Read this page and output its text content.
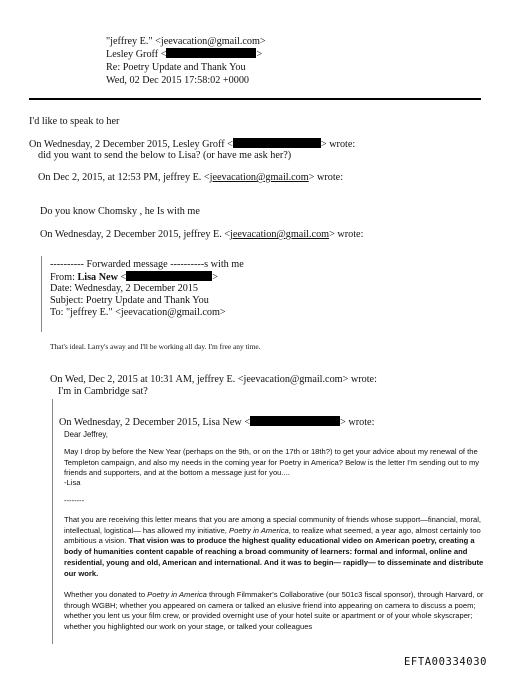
"jeffrey E." <jeevacation@gmail.com>
Lesley Groff <	>
Re: Poetry Update and Thank You
Wed, 02 Dec 2015 17:58:02 +0000
I'd like to speak to her
On Wednesday, 2 December 2015, Lesley Groff <	> wrote:
did you want to send the below to Lisa? (or have me ask her?)
On Dec 2, 2015, at 12:53 PM, jeffrey E. <jeevacation@gmail.com> wrote:
Do you know Chomsky , he Is with me
On Wednesday, 2 December 2015, jeffrey E. <jeevacation@gmail.com> wrote:
---------- Forwarded message ----------s with me
From: Lisa New <	>
Date: Wednesday, 2 December 2015
Subject: Poetry Update and Thank You
To: "jeffrey E." <jeevacation@gmail.com>
That's ideal. Larry's away and I'll be working all day. I'm free any time.
On Wed, Dec 2, 2015 at 10:31 AM, jeffrey E. <jeevacation@gmail.com> wrote:
I'm in Cambridge sat?
On Wednesday, 2 December 2015, Lisa New <	> wrote:
Dear Jeffrey,
May I drop by before the New Year (perhaps on the 9th, or on the 17th or 18th?) to get your advice about my renewal of the Templeton campaign, and also my needs in the coming year for Poetry in America? Below is the letter I'm sending out to my friends and supporters, and at the bottom a message just for you....
-Lisa
--------
That you are receiving this letter means that you are among a special community of friends whose support—financial, moral, intellectual, logistical— has allowed my initiative, Poetry in America, to realize what seemed, a year ago, almost certainly too ambitious a vision. That vision was to produce the highest quality educational video on American poetry, creating a body of humanities content capable of reaching a broad community of learners: formal and informal, online and residential, young and old, American and international. And it was to begin— rapidly— to disseminate and distribute our work.
Whether you donated to Poetry in America through Filmmaker's Collaborative (our 501c3 fiscal sponsor), through Harvard, or through WGBH; whether you appeared on camera or talked an elusive friend into appearing on camera to discuss a poem; whether you lent us your film crew, or provided overnight use of your hotel suite or apartment or of your whole skyscraper; whether you highlighted our work on your stage, or talked your colleagues
EFTA00334030
